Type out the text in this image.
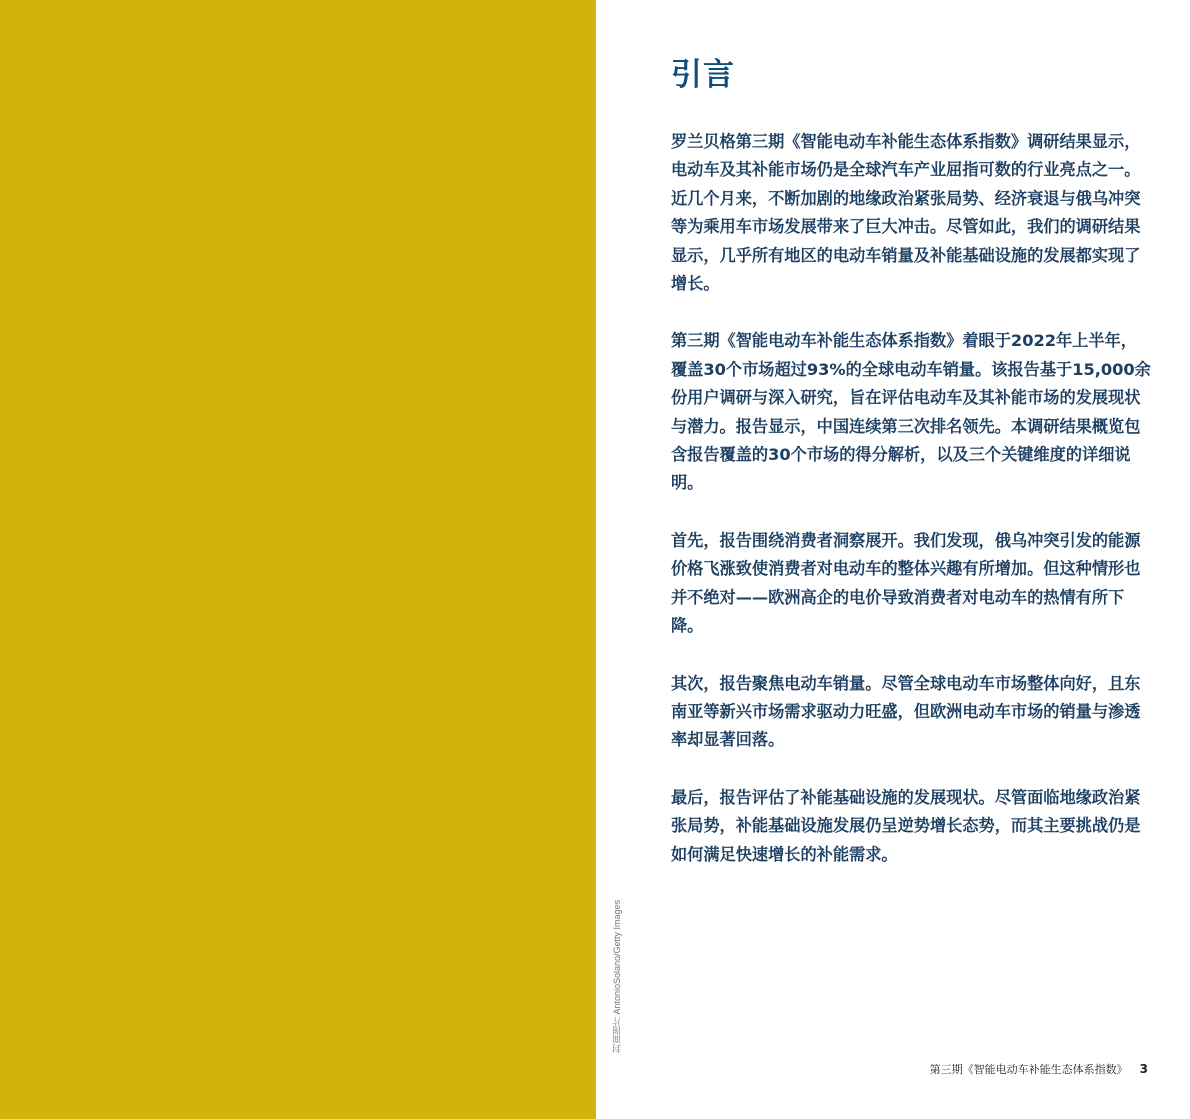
封面图片 AntonioSolano/Getty Images
引言

罗兰贝格第三期《智能电动车补能生态体系指数》调研结果显示，电动车及其补能市场仍是全球汽车产业屈指可数的行业亮点之一。近几个月来，不断加剧的地缘政治紧张局势、经济衰退与俄乌冲突等为乘用车市场发展带来了巨大冲击。尽管如此，我们的调研结果显示，几乎所有地区的电动车销量及补能基础设施的发展都实现了增长。

第三期《智能电动车补能生态体系指数》着眼于2022年上半年，覆盖30个市场超过93%的全球电动车销量。该报告基于15,000余份用户调研与深入研究，旨在评估电动车及其补能市场的发展现状与潜力。报告显示，中国连续第三次排名领先。本调研结果概览包含报告覆盖的30个市场的得分解析，以及三个关键维度的详细说明。

首先，报告围绕消费者洞察展开。我们发现，俄乌冲突引发的能源价格飞涨致使消费者对电动车的整体兴趣有所增加。但这种情形也并不绝对——欧洲高企的电价导致消费者对电动车的热情有所下降。

其次，报告聚焦电动车销量。尽管全球电动车市场整体向好，且东南亚等新兴市场需求驱动力旺盛，但欧洲电动车市场的销量与渗透率却显著回落。

最后，报告评估了补能基础设施的发展现状。尽管面临地缘政治紧张局势，补能基础设施发展仍呈逆势增长态势，而其主要挑战仍是如何满足快速增长的补能需求。

第三期《智能电动车补能生态体系指数》 3
